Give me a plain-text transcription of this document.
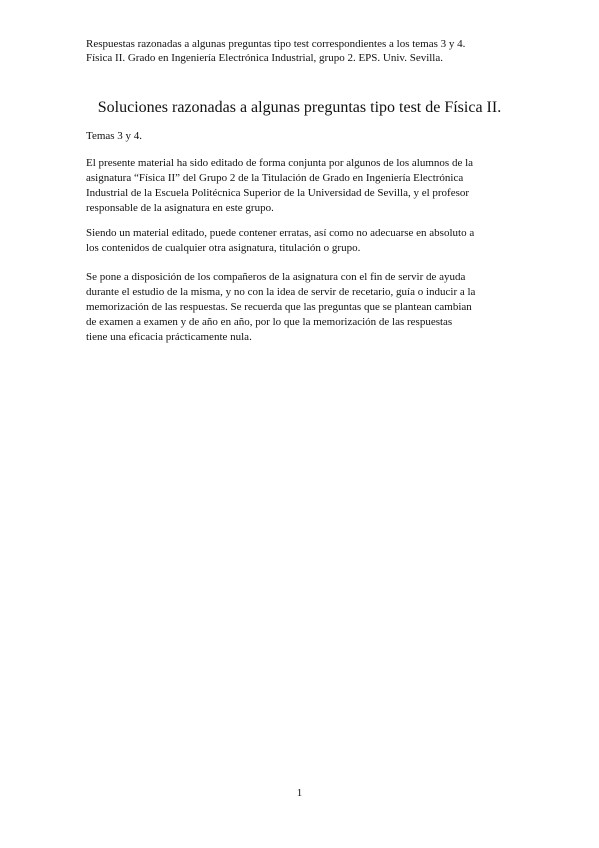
Respuestas razonadas a algunas preguntas tipo test correspondientes a los temas 3 y 4.
Física II. Grado en Ingeniería Electrónica Industrial, grupo 2. EPS. Univ. Sevilla.
Soluciones razonadas a algunas preguntas tipo test de Física II.
Temas 3 y 4.
El presente material ha sido editado de forma conjunta por algunos de los alumnos de la
asignatura “Física II” del Grupo 2 de la Titulación de Grado en Ingeniería Electrónica
Industrial de la Escuela Politécnica Superior de la Universidad de Sevilla, y el profesor
responsable de la asignatura en este grupo.
Siendo un material editado, puede contener erratas, así como no adecuarse en absoluto a
los contenidos de cualquier otra asignatura, titulación o grupo.
Se pone a disposición de los compañeros de la asignatura con el fin de servir de ayuda
durante el estudio de la misma, y no con la idea de servir de recetario, guía o inducir a la
memorización de las respuestas. Se recuerda que las preguntas que se plantean cambian
de examen a examen y de año en año, por lo que la memorización de las respuestas
tiene una eficacia prácticamente nula.
1
